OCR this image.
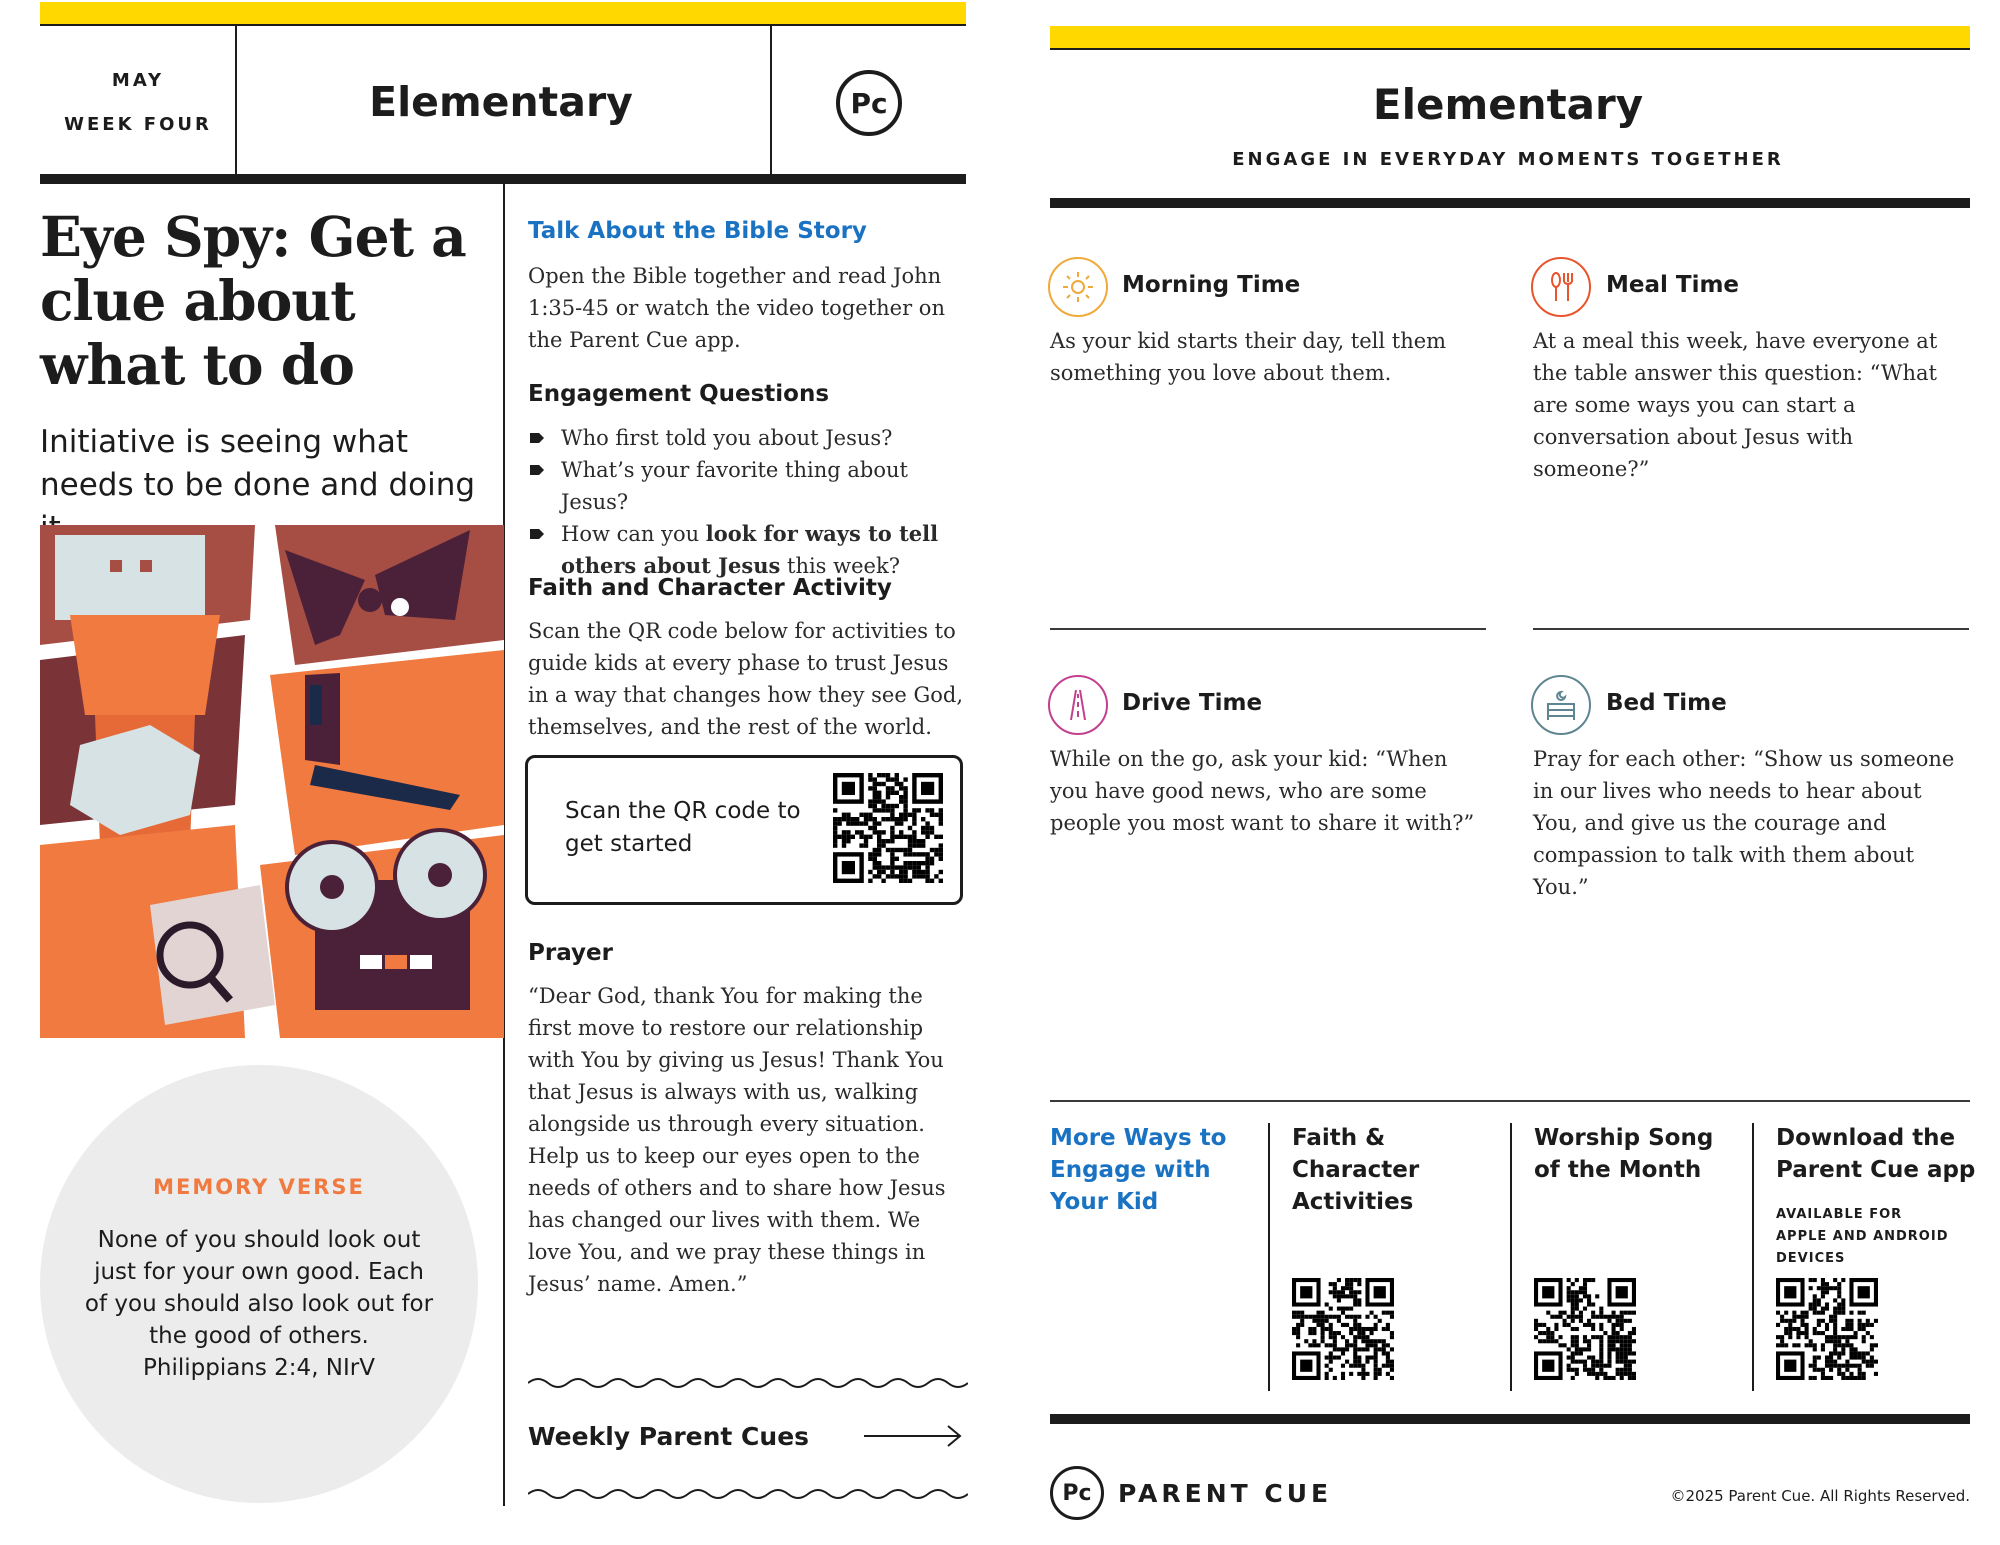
MAY
WEEK FOUR	Elementary	Pc
Eye Spy: Get a clue about what to do
Initiative is seeing what needs to be done and doing
MEMORY VERSE
None of you should look out just for your own good. Each of you should also look out for the good of others.
Philippians 2:4, NIrV
Talk About the Bible Story
Open the Bible together and read John 1:35-45 or watch the video together on the Parent Cue app.
Engagement Questions
Who first told you about Jesus?
What’s your favorite thing about Jesus?
How can you look for ways to tell others about Jesus this week?
Faith and Character Activity
Scan the QR code below for activities to guide kids at every phase to trust Jesus in a way that changes how they see God, themselves, and the rest of the world.
Scan the QR code to get started
Prayer
“Dear God, thank You for making the first move to restore our relationship with You by giving us Jesus! Thank You that Jesus is always with us, walking alongside us through every situation. Help us to keep our eyes open to the needs of others and to share how Jesus has changed our lives with them. We love You, and we pray these things in Jesus’ name. Amen.”
Weekly Parent Cues
Elementary
ENGAGE IN EVERYDAY MOMENTS TOGETHER
Morning Time
As your kid starts their day, tell them something you love about them.
Meal Time
At a meal this week, have everyone at the table answer this question: “What are some ways you can start a conversation about Jesus with someone?”
Drive Time
While on the go, ask your kid: “When you have good news, who are some people you most want to share it with?”
Bed Time
Pray for each other: “Show us someone in our lives who needs to hear about You, and give us the courage and compassion to talk with them about You.”
More Ways to Engage with Your Kid
Faith & Character Activities
Worship Song of the Month
Download the Parent Cue app
AVAILABLE FOR APPLE AND ANDROID DEVICES
Pc PARENT CUE	©2025 Parent Cue. All Rights Reserved.
